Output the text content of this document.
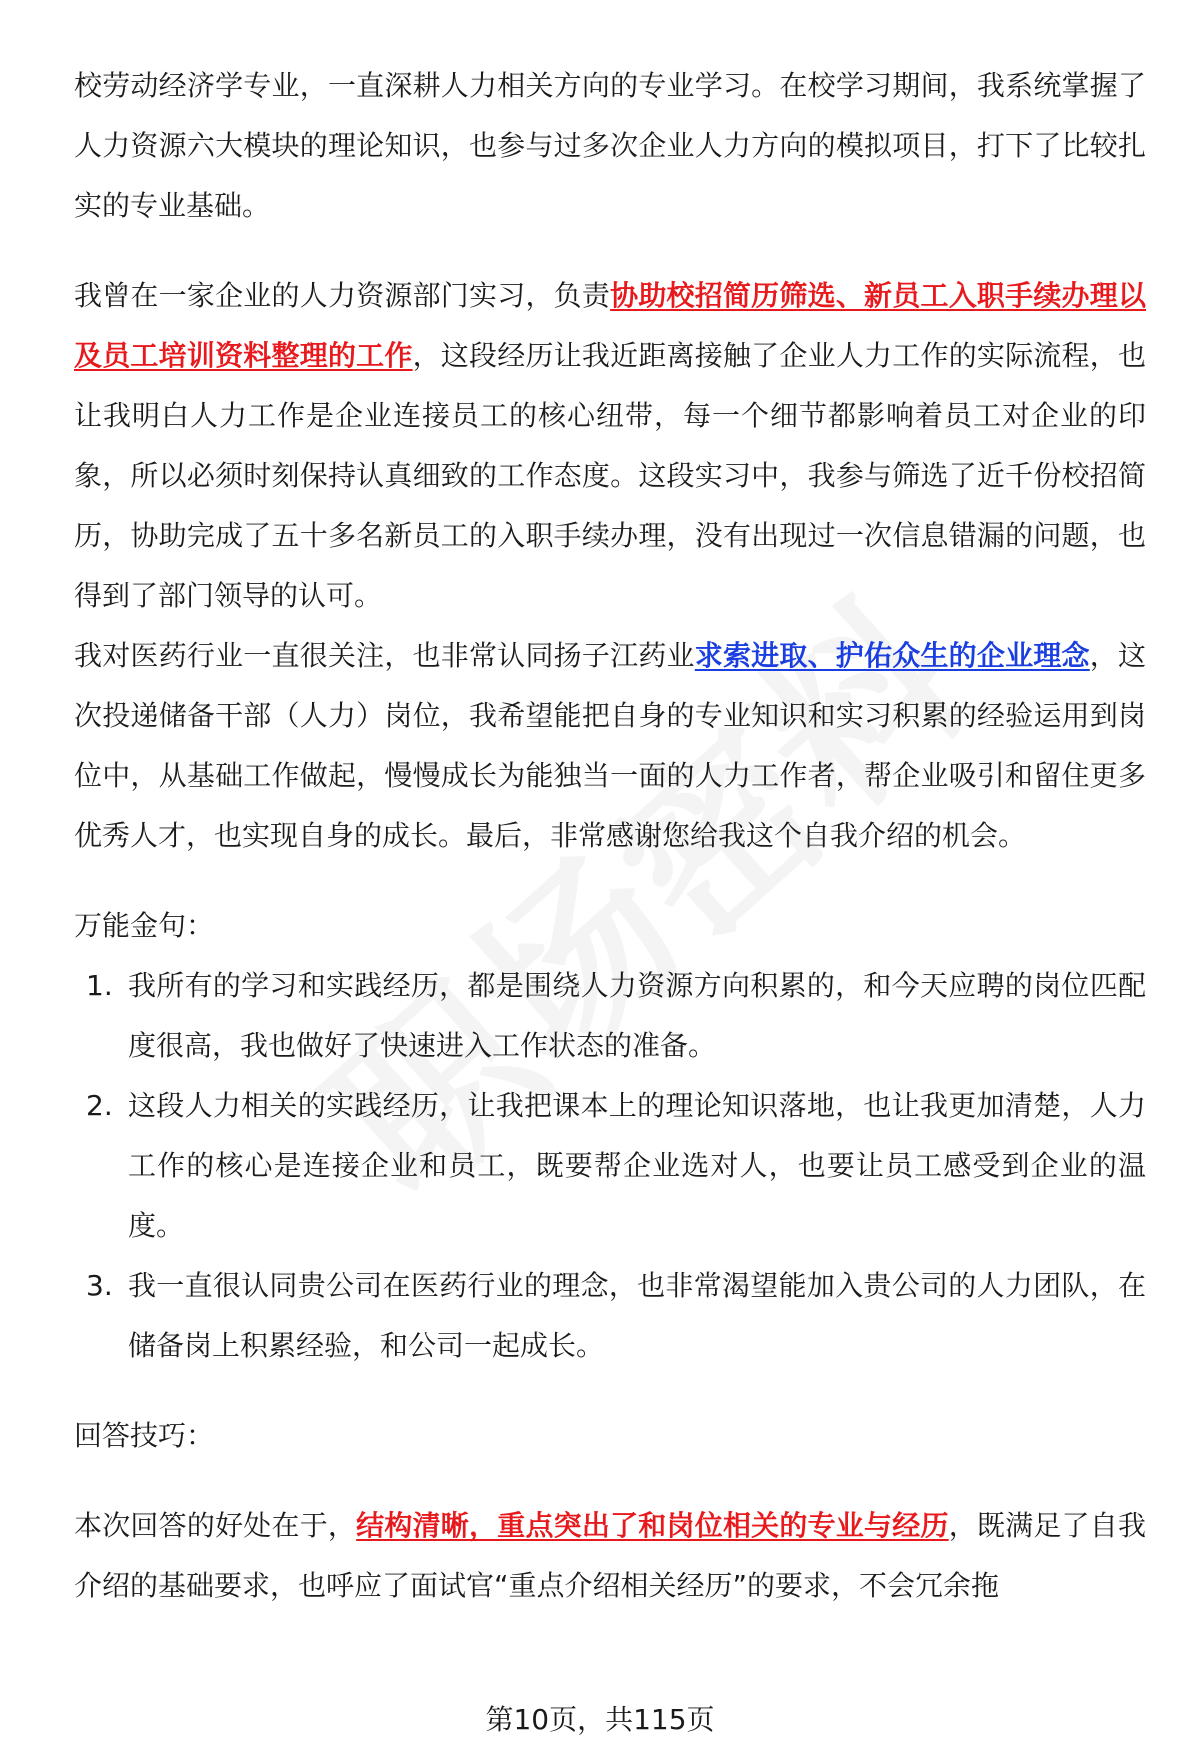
校劳动经济学专业，一直深耕人力相关方向的专业学习。在校学习期间，我系统掌握了人力资源六大模块的理论知识，也参与过多次企业人力方向的模拟项目，打下了比较扎实的专业基础。

我曾在一家企业的人力资源部门实习，负责协助校招简历筛选、新员工入职手续办理以及员工培训资料整理的工作，这段经历让我近距离接触了企业人力工作的实际流程，也让我明白人力工作是企业连接员工的核心纽带，每一个细节都影响着员工对企业的印象，所以必须时刻保持认真细致的工作态度。这段实习中，我参与筛选了近千份校招简历，协助完成了五十多名新员工的入职手续办理，没有出现过一次信息错漏的问题，也得到了部门领导的认可。

我对医药行业一直很关注，也非常认同扬子江药业求索进取、护佑众生的企业理念，这次投递储备干部（人力）岗位，我希望能把自身的专业知识和实习积累的经验运用到岗位中，从基础工作做起，慢慢成长为能独当一面的人力工作者，帮企业吸引和留住更多优秀人才，也实现自身的成长。最后，非常感谢您给我这个自我介绍的机会。

万能金句：

1. 我所有的学习和实践经历，都是围绕人力资源方向积累的，和今天应聘的岗位匹配度很高，我也做好了快速进入工作状态的准备。
2. 这段人力相关的实践经历，让我把课本上的理论知识落地，也让我更加清楚，人力工作的核心是连接企业和员工，既要帮企业选对人，也要让员工感受到企业的温度。
3. 我一直很认同贵公司在医药行业的理念，也非常渴望能加入贵公司的人力团队，在储备岗上积累经验，和公司一起成长。

回答技巧：

本次回答的好处在于，结构清晰，重点突出了和岗位相关的专业与经历，既满足了自我介绍的基础要求，也呼应了面试官“重点介绍相关经历”的要求，不会冗余拖

第10页，共115页
